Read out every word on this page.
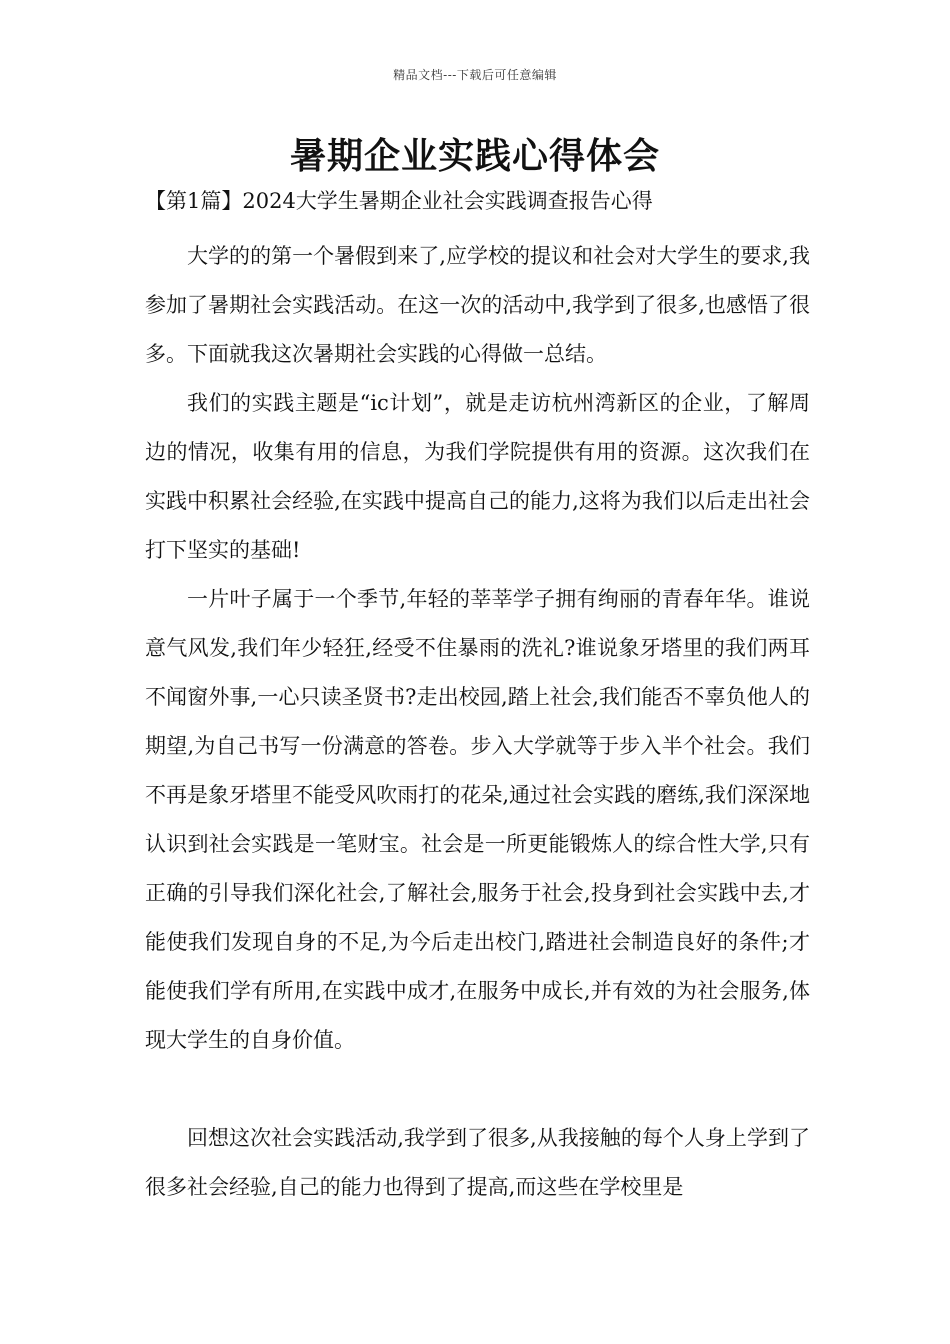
精品文档---下载后可任意编辑
暑期企业实践心得体会
【第1篇】2024大学生暑期企业社会实践调查报告心得

大学的的第一个暑假到来了,应学校的提议和社会对大学生的要求,我参加了暑期社会实践活动。在这一次的活动中,我学到了很多,也感悟了很多。下面就我这次暑期社会实践的心得做一总结。

我们的实践主题是“ic计划”，就是走访杭州湾新区的企业，了解周边的情况，收集有用的信息，为我们学院提供有用的资源。这次我们在实践中积累社会经验,在实践中提高自己的能力,这将为我们以后走出社会打下坚实的基础!

一片叶子属于一个季节,年轻的莘莘学子拥有绚丽的青春年华。谁说意气风发,我们年少轻狂,经受不住暴雨的洗礼?谁说象牙塔里的我们两耳不闻窗外事,一心只读圣贤书?走出校园,踏上社会,我们能否不辜负他人的期望,为自己书写一份满意的答卷。步入大学就等于步入半个社会。我们不再是象牙塔里不能受风吹雨打的花朵,通过社会实践的磨练,我们深深地认识到社会实践是一笔财宝。社会是一所更能锻炼人的综合性大学,只有正确的引导我们深化社会,了解社会,服务于社会,投身到社会实践中去,才能使我们发现自身的不足,为今后走出校门,踏进社会制造良好的条件;才能使我们学有所用,在实践中成才,在服务中成长,并有效的为社会服务,体现大学生的自身价值。

回想这次社会实践活动,我学到了很多,从我接触的每个人身上学到了很多社会经验,自己的能力也得到了提高,而这些在学校里是
